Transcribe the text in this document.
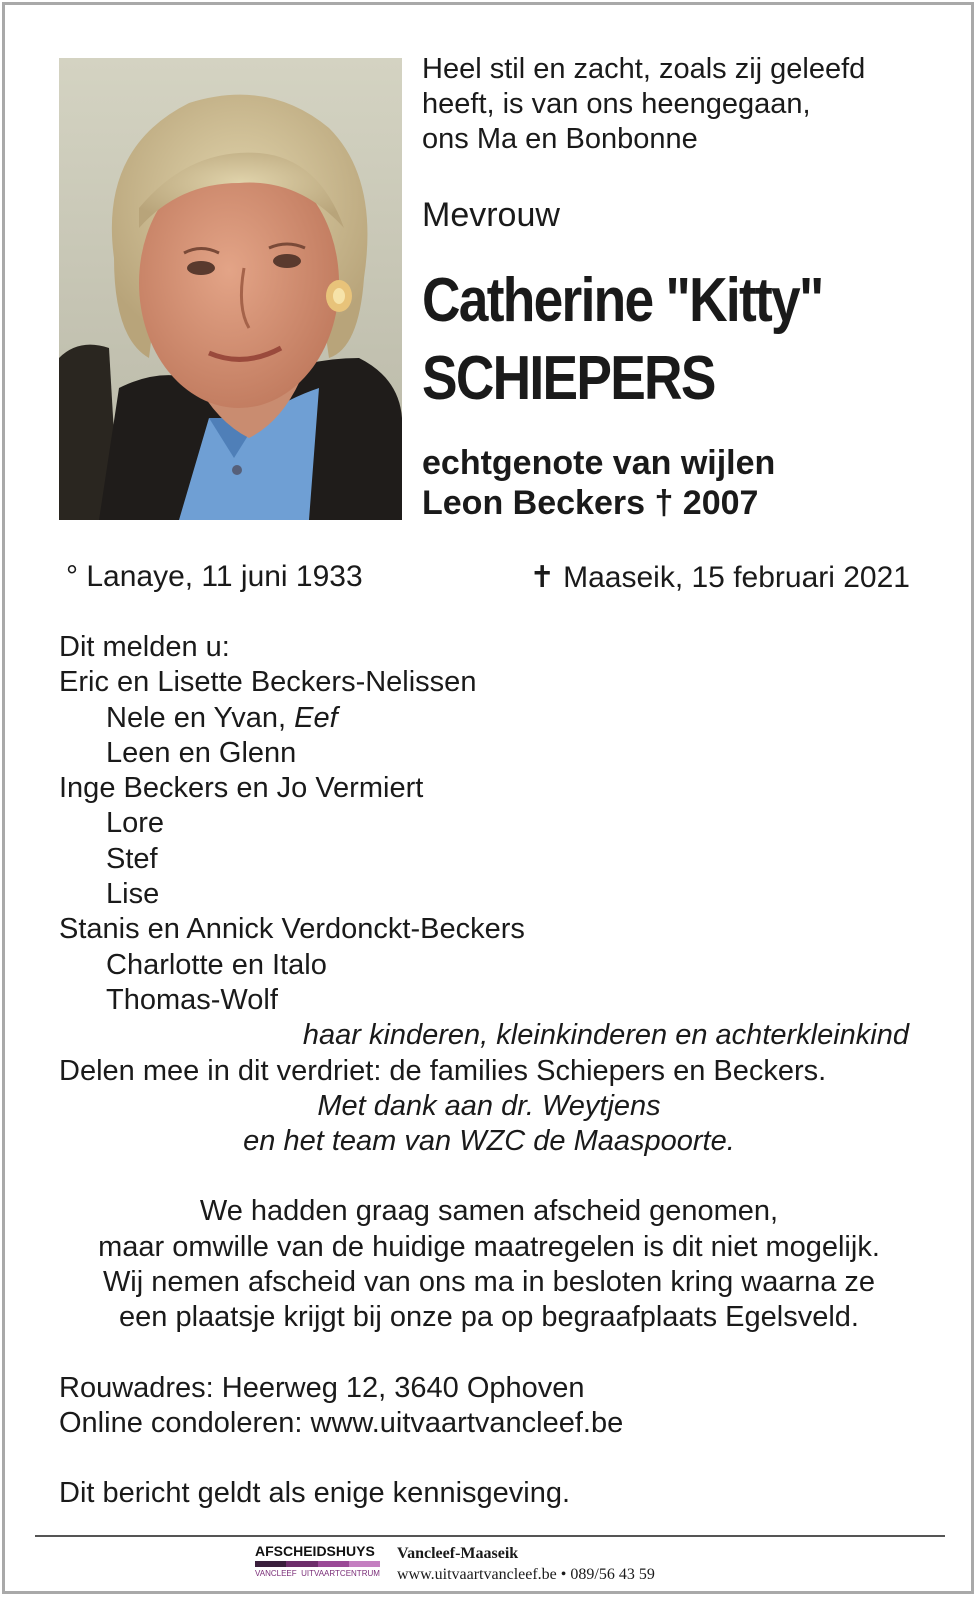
Heel stil en zacht, zoals zij geleefd
heeft, is van ons heengegaan,
ons Ma en Bonbonne
Mevrouw
Catherine "Kitty"
SCHIEPERS
echtgenote van wijlen
Leon Beckers † 2007
° Lanaye, 11 juni 1933	✝ Maaseik, 15 februari 2021
Dit melden u:
Eric en Lisette Beckers-Nelissen
Nele en Yvan, Eef
Leen en Glenn
Inge Beckers en Jo Vermiert
Lore
Stef
Lise
Stanis en Annick Verdonckt-Beckers
Charlotte en Italo
Thomas-Wolf
haar kinderen, kleinkinderen en achterkleinkind
Delen mee in dit verdriet: de families Schiepers en Beckers.
Met dank aan dr. Weytjens
en het team van WZC de Maaspoorte.
We hadden graag samen afscheid genomen,
maar omwille van de huidige maatregelen is dit niet mogelijk.
Wij nemen afscheid van ons ma in besloten kring waarna ze
een plaatsje krijgt bij onze pa op begraafplaats Egelsveld.
Rouwadres: Heerweg 12, 3640 Ophoven
Online condoleren: www.uitvaartvancleef.be
Dit bericht geldt als enige kennisgeving.
AFSCHEIDSHUYS
VANCLEEF UITVAARTCENTRUM
Vancleef-Maaseik
www.uitvaartvancleef.be • 089/56 43 59
